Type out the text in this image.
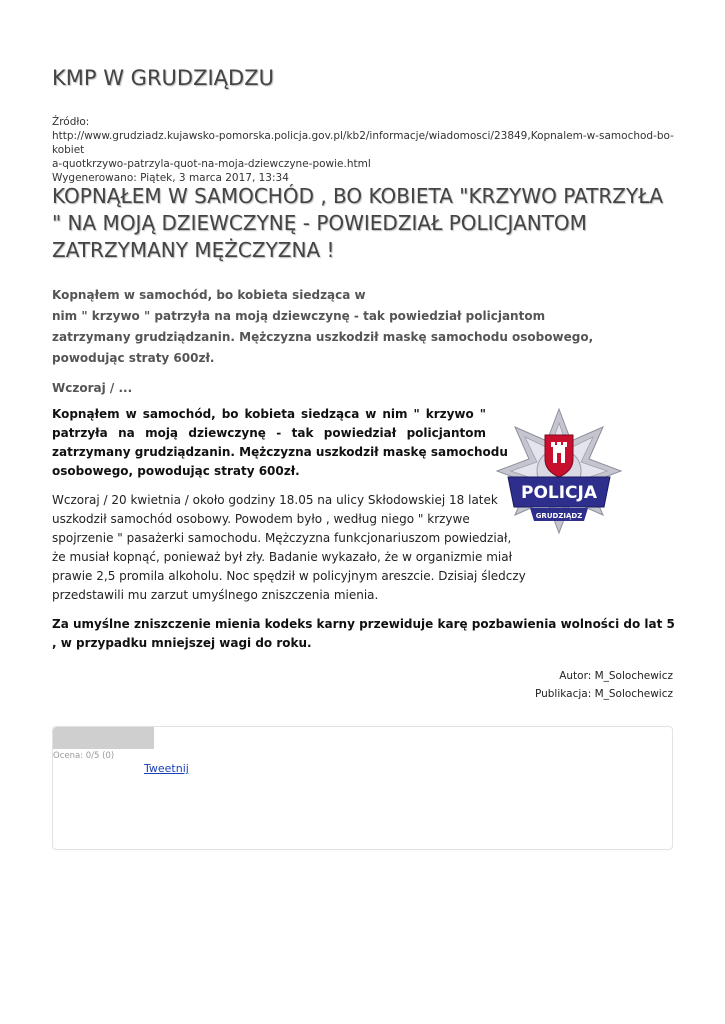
KMP W GRUDZIĄDZU
Źródło:
http://www.grudziadz.kujawsko-pomorska.policja.gov.pl/kb2/informacje/wiadomosci/23849,Kopnalem-w-samochod-bo-kobiet
a-quotkrzywo-patrzyla-quot-na-moja-dziewczyne-powie.html
Wygenerowano: Piątek, 3 marca 2017, 13:34
KOPNĄŁEM W SAMOCHÓD , BO KOBIETA "KRZYWO PATRZYŁA " NA MOJĄ DZIEWCZYNĘ - POWIEDZIAŁ POLICJANTOM ZATRZYMANY MĘŻCZYZNA !
Kopnąłem w samochód, bo kobieta siedząca w
nim " krzywo " patrzyła na moją dziewczynę - tak powiedział policjantom
zatrzymany grudziądzanin. Mężczyzna uszkodził maskę samochodu osobowego,
powodując straty 600zł.
Wczoraj / ...
Kopnąłem w samochód, bo kobieta siedząca w nim " krzywo "
patrzyła na moją dziewczynę - tak powiedział policjantom
zatrzymany grudziądzanin. Mężczyzna uszkodził maskę samochodu
osobowego, powodując straty 600zł.
Wczoraj / 20 kwietnia / około godziny 18.05 na ulicy Skłodowskiej 18 latek
uszkodził samochód osobowy. Powodem było , według niego " krzywe
spojrzenie " pasażerki samochodu. Mężczyzna funkcjonariuszom powiedział,
że musiał kopnąć, ponieważ był zły. Badanie wykazało, że w organizmie miał
prawie 2,5 promila alkoholu. Noc spędził w policyjnym areszcie. Dzisiaj śledczy
przedstawili mu zarzut umyślnego zniszczenia mienia.
POLICJA
GRUDZIĄDZ
Za umyślne zniszczenie mienia kodeks karny przewiduje karę pozbawienia wolności do lat 5 , w przypadku mniejszej wagi do roku.
Autor: M_Solochewicz
Publikacja: M_Solochewicz
Ocena: 0/5 (0)
Tweetnij
